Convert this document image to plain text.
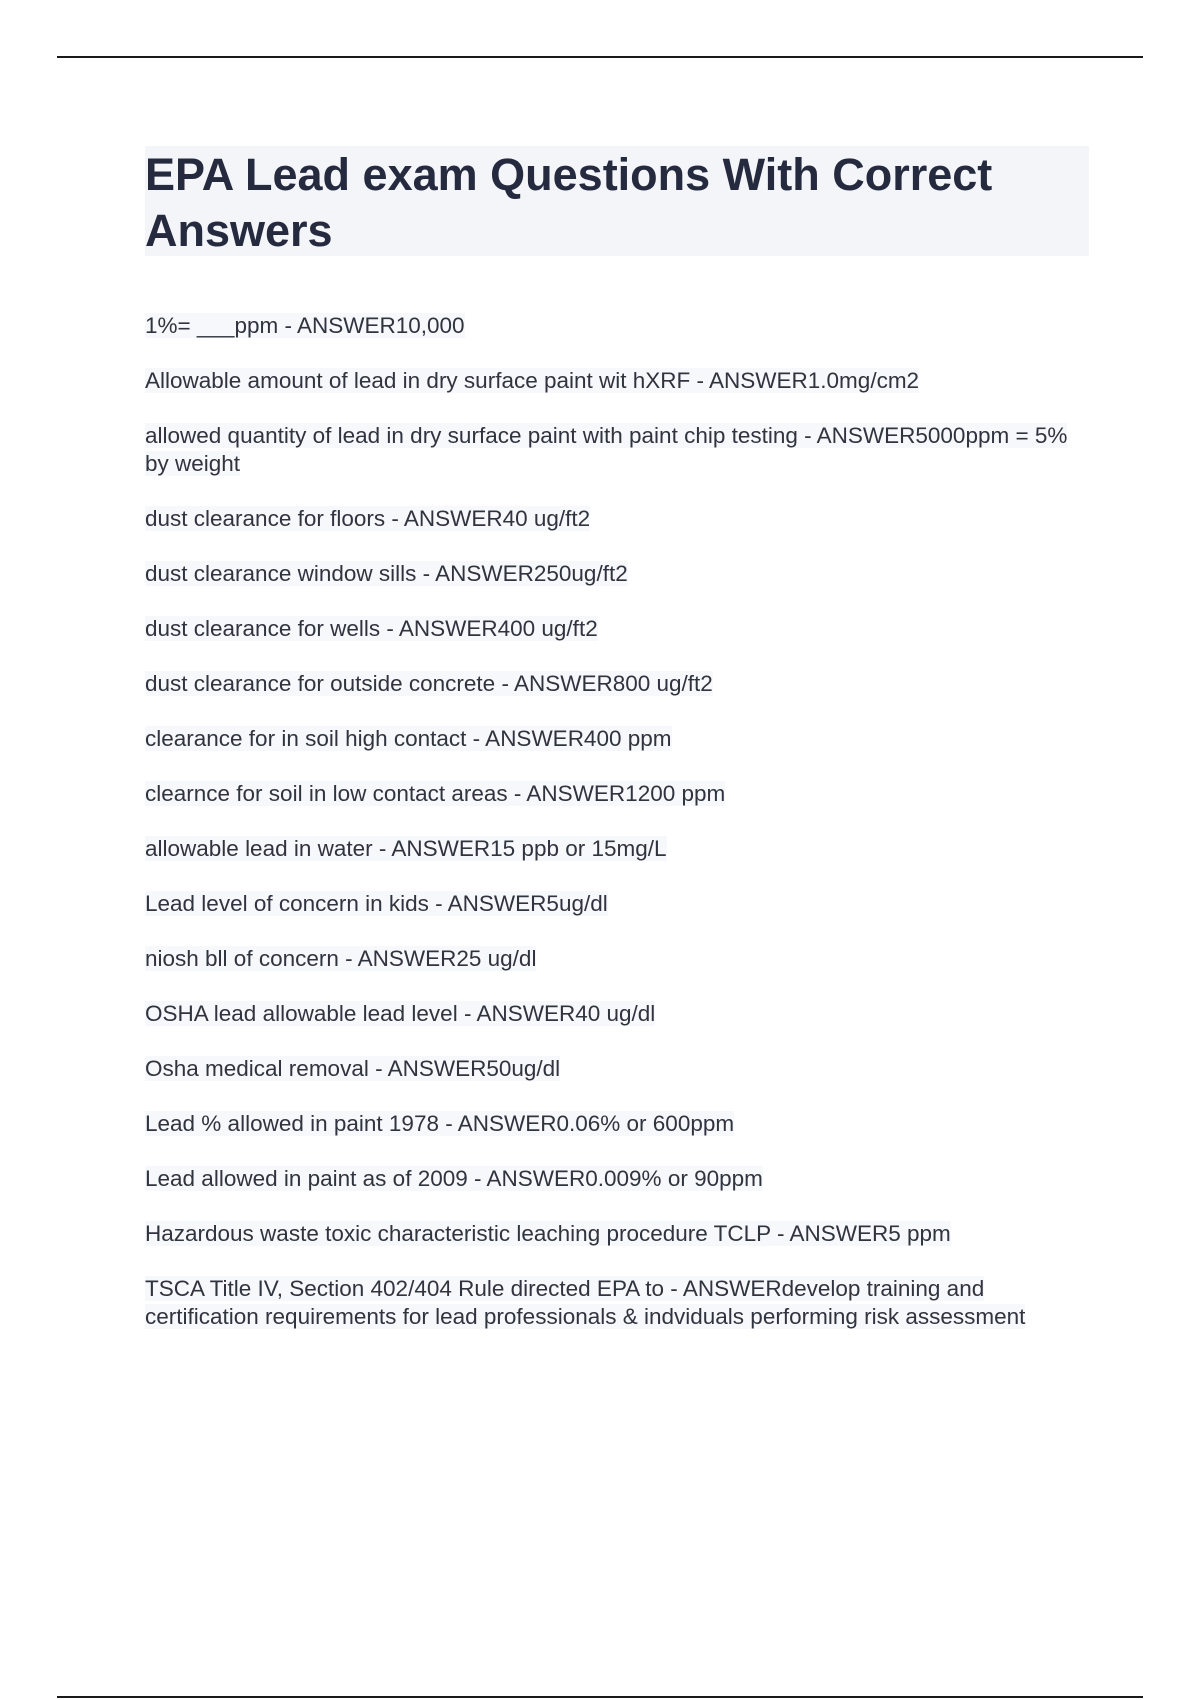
EPA Lead exam Questions With Correct Answers
1%= ___ppm - ANSWER10,000
Allowable amount of lead in dry surface paint wit hXRF - ANSWER1.0mg/cm2
allowed quantity of lead in dry surface paint with paint chip testing - ANSWER5000ppm = 5% by weight
dust clearance for floors - ANSWER40 ug/ft2
dust clearance window sills - ANSWER250ug/ft2
dust clearance for wells - ANSWER400 ug/ft2
dust clearance for outside concrete - ANSWER800 ug/ft2
clearance for in soil high contact - ANSWER400 ppm
clearnce for soil in low contact areas - ANSWER1200 ppm
allowable lead in water - ANSWER15 ppb or 15mg/L
Lead level of concern in kids - ANSWER5ug/dl
niosh bll of concern - ANSWER25 ug/dl
OSHA lead allowable lead level - ANSWER40 ug/dl
Osha medical removal - ANSWER50ug/dl
Lead % allowed in paint 1978 - ANSWER0.06% or 600ppm
Lead allowed in paint as of 2009 - ANSWER0.009% or 90ppm
Hazardous waste toxic characteristic leaching procedure TCLP - ANSWER5 ppm
TSCA Title IV, Section 402/404 Rule directed EPA to - ANSWERdevelop training and certification requirements for lead professionals & indviduals performing risk assessment
